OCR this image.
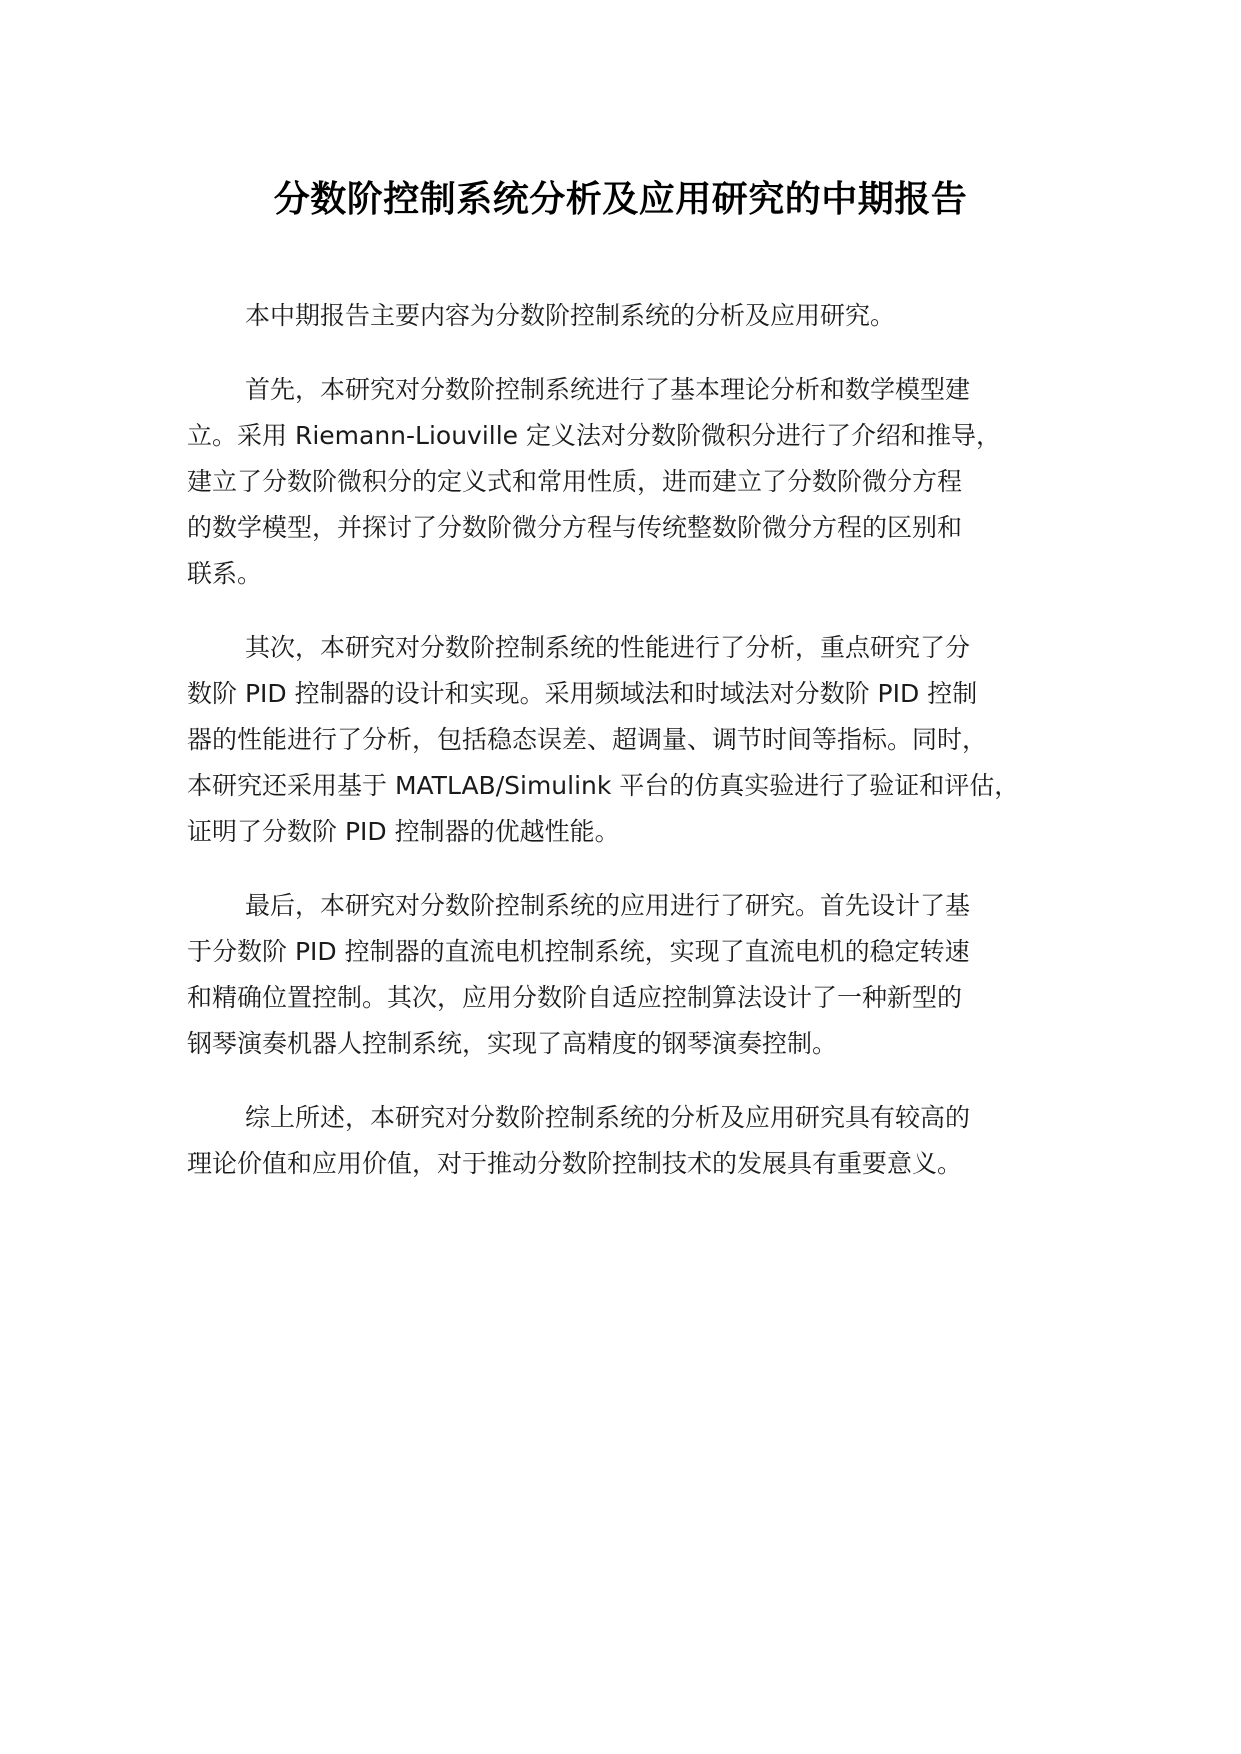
分数阶控制系统分析及应用研究的中期报告

本中期报告主要内容为分数阶控制系统的分析及应用研究。

首先，本研究对分数阶控制系统进行了基本理论分析和数学模型建
立。采用 Riemann-Liouville 定义法对分数阶微积分进行了介绍和推导，
建立了分数阶微积分的定义式和常用性质，进而建立了分数阶微分方程
的数学模型，并探讨了分数阶微分方程与传统整数阶微分方程的区别和
联系。

其次，本研究对分数阶控制系统的性能进行了分析，重点研究了分
数阶 PID 控制器的设计和实现。采用频域法和时域法对分数阶 PID 控制
器的性能进行了分析，包括稳态误差、超调量、调节时间等指标。同时，
本研究还采用基于 MATLAB/Simulink 平台的仿真实验进行了验证和评估，
证明了分数阶 PID 控制器的优越性能。

最后，本研究对分数阶控制系统的应用进行了研究。首先设计了基
于分数阶 PID 控制器的直流电机控制系统，实现了直流电机的稳定转速
和精确位置控制。其次，应用分数阶自适应控制算法设计了一种新型的
钢琴演奏机器人控制系统，实现了高精度的钢琴演奏控制。

综上所述，本研究对分数阶控制系统的分析及应用研究具有较高的
理论价值和应用价值，对于推动分数阶控制技术的发展具有重要意义。
